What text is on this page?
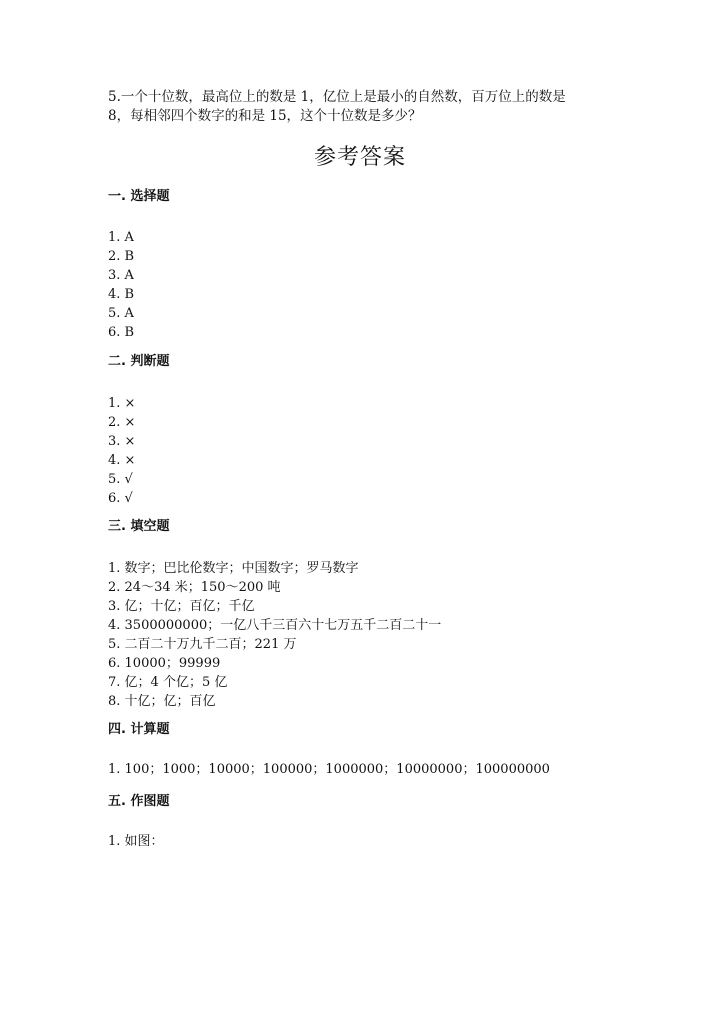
5.一个十位数，最高位上的数是 1，亿位上是最小的自然数，百万位上的数是

8，每相邻四个数字的和是 15，这个十位数是多少？

参考答案
一. 选择题
1. A
2. B
3. A
4. B
5. A
6. B
二. 判断题
1. ×
2. ×
3. ×
4. ×
5. √
6. √
三. 填空题
1. 数字；巴比伦数字；中国数字；罗马数字
2. 24～34 米；150～200 吨
3. 亿；十亿；百亿；千亿
4. 3500000000；一亿八千三百六十七万五千二百二十一
5. 二百二十万九千二百；221 万
6. 10000；99999
7. 亿；4 个亿；5 亿
8. 十亿；亿；百亿
四. 计算题
1. 100；1000；10000；100000；1000000；10000000；100000000
五. 作图题
1. 如图：
